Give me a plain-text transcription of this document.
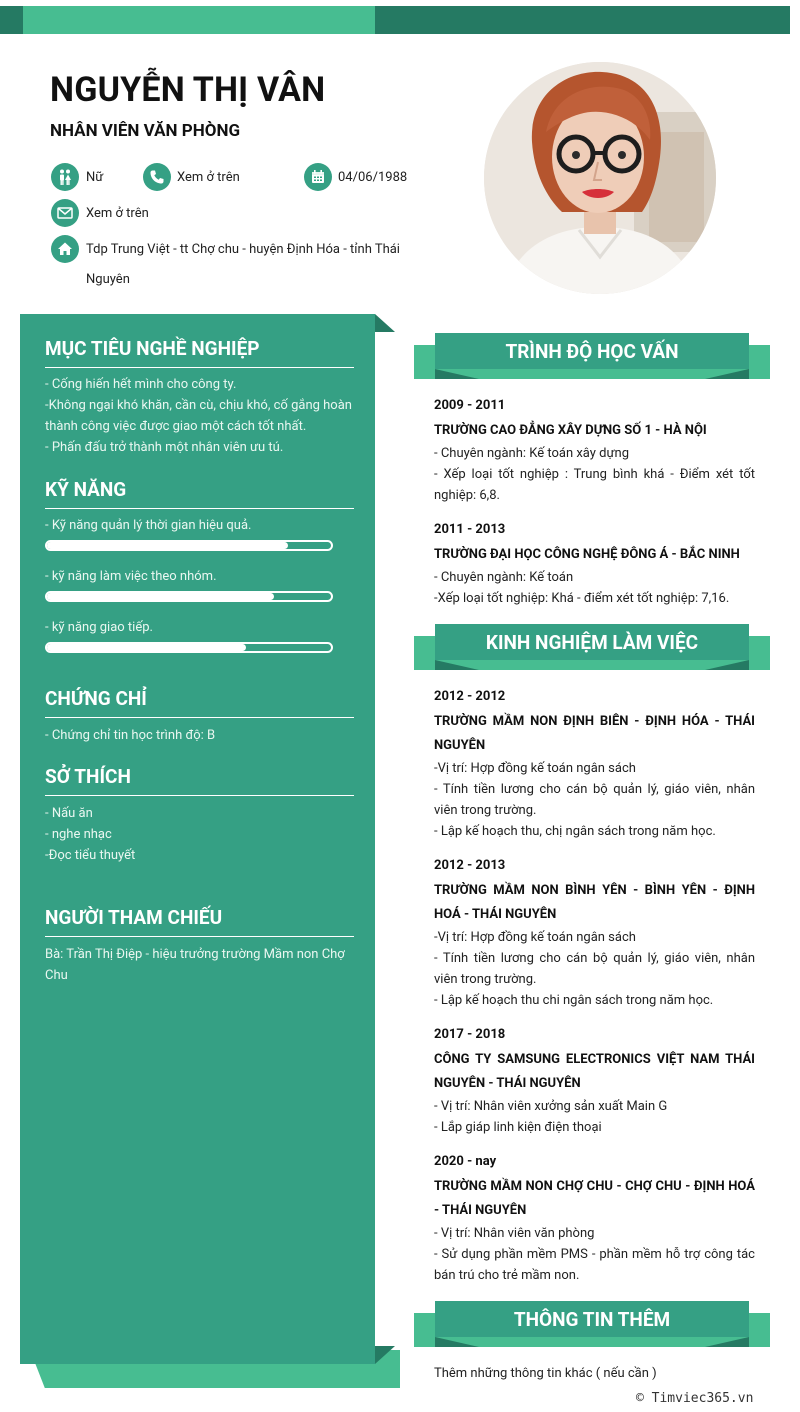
NGUYỄN THỊ VÂN
NHÂN VIÊN VĂN PHÒNG
Nữ	Xem ở trên	04/06/1988
Xem ở trên
Tdp Trung Việt - tt Chợ chu - huyện Định Hóa - tỉnh Thái
Nguyên
MỤC TIÊU NGHỀ NGHIỆP
- Cống hiến hết mình cho công ty.
-Không ngại khó khăn, cần cù, chịu khó, cố gắng hoàn
thành công việc được giao một cách tốt nhất.
- Phấn đấu trở thành một nhân viên ưu tú.
KỸ NĂNG
- Kỹ năng quản lý thời gian hiệu quả.
- kỹ năng làm việc theo nhóm.
- kỹ năng giao tiếp.
CHỨNG CHỈ
- Chứng chỉ tin học trình độ: B
SỞ THÍCH
- Nấu ăn
- nghe nhạc
-Đọc tiểu thuyết
NGƯỜI THAM CHIẾU
Bà: Trần Thị Điệp - hiệu trưởng trường Mầm non Chợ
Chu
TRÌNH ĐỘ HỌC VẤN
2009 - 2011
TRƯỜNG CAO ĐẲNG XÂY DỰNG SỐ 1 - HÀ NỘI
- Chuyên ngành: Kế toán xây dựng
- Xếp loại tốt nghiệp : Trung bình khá - Điểm xét tốt nghiệp: 6,8.
2011 - 2013
TRƯỜNG ĐẠI HỌC CÔNG NGHỆ ĐÔNG Á - BẮC NINH
- Chuyên ngành: Kế toán
-Xếp loại tốt nghiệp: Khá - điểm xét tốt nghiệp: 7,16.
KINH NGHIỆM LÀM VIỆC
2012 - 2012
TRƯỜNG MẦM NON ĐỊNH BIÊN - ĐỊNH HÓA - THÁI NGUYÊN
-Vị trí: Hợp đồng kế toán ngân sách
- Tính tiền lương cho cán bộ quản lý, giáo viên, nhân viên trong trường.
- Lập kế hoạch thu, chị ngân sách trong năm học.
2012 - 2013
TRƯỜNG MẦM NON BÌNH YÊN - BÌNH YÊN - ĐỊNH HOÁ - THÁI NGUYÊN
-Vị trí: Hợp đồng kế toán ngân sách
- Tính tiền lương cho cán bộ quản lý, giáo viên, nhân viên trong trường.
- Lập kế hoạch thu chi ngân sách trong năm học.
2017 - 2018
CÔNG TY SAMSUNG ELECTRONICS VIỆT NAM THÁI NGUYÊN - THÁI NGUYÊN
- Vị trí: Nhân viên xưởng sản xuất Main G
- Lắp giáp linh kiện điện thoại
2020 - nay
TRƯỜNG MẦM NON CHỢ CHU - CHỢ CHU - ĐỊNH HOÁ - THÁI NGUYÊN
- Vị trí: Nhân viên văn phòng
- Sử dụng phần mềm PMS - phần mềm hỗ trợ công tác bán trú cho trẻ mầm non.
THÔNG TIN THÊM
Thêm những thông tin khác ( nếu cần )
© Timviec365.vn
